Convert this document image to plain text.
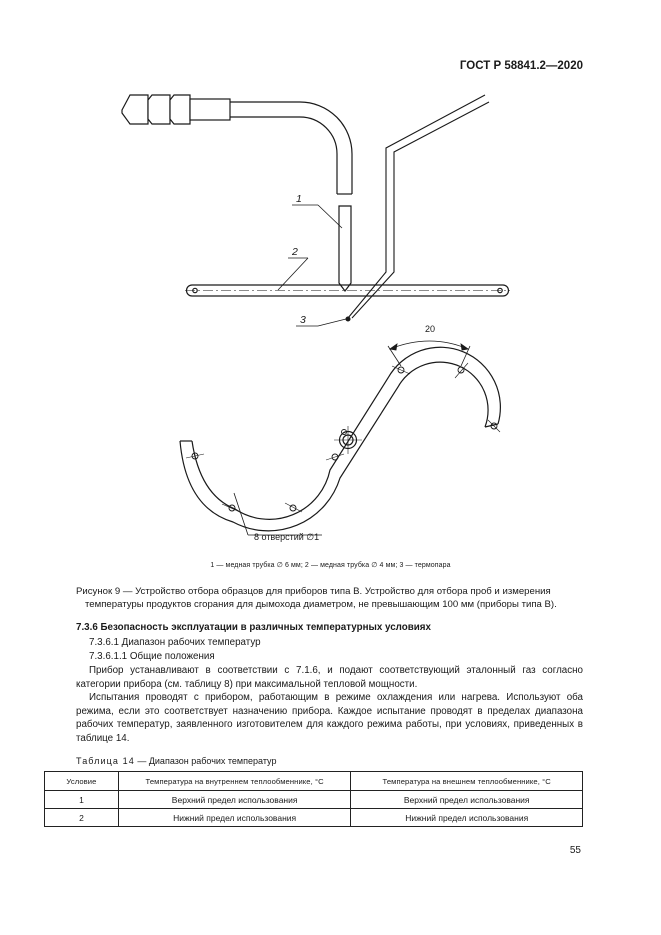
ГОСТ Р 58841.2—2020
1
2
3
20
8 отверстий ∅1
1 — медная трубка ∅ 6 мм; 2 — медная трубка ∅ 4 мм; 3 — термопара
Рисунок 9 — Устройство отбора образцов для приборов типа В. Устройство для отбора проб и измерения
температуры продуктов сгорания для дымохода диаметром, не превышающим 100 мм (приборы типа В).
7.3.6 Безопасность эксплуатации в различных температурных условиях
7.3.6.1 Диапазон рабочих температур
7.3.6.1.1 Общие положения
Прибор устанавливают в соответствии с 7.1.6, и подают соответствующий эталонный газ согласно категории прибора (см. таблицу 8) при максимальной тепловой мощности.
Испытания проводят с прибором, работающим в режиме охлаждения или нагрева. Используют оба режима, если это соответствует назначению прибора. Каждое испытание проводят в пределах диапазона рабочих температур, заявленного изготовителем для каждого режима работы, при условиях, приведенных в таблице 14.
Таблица 14 — Диапазон рабочих температур
Условие	Температура на внутреннем теплообменнике, °С	Температура на внешнем теплообменнике, °С
1	Верхний предел использования	Верхний предел использования
2	Нижний предел использования	Нижний предел использования
55
